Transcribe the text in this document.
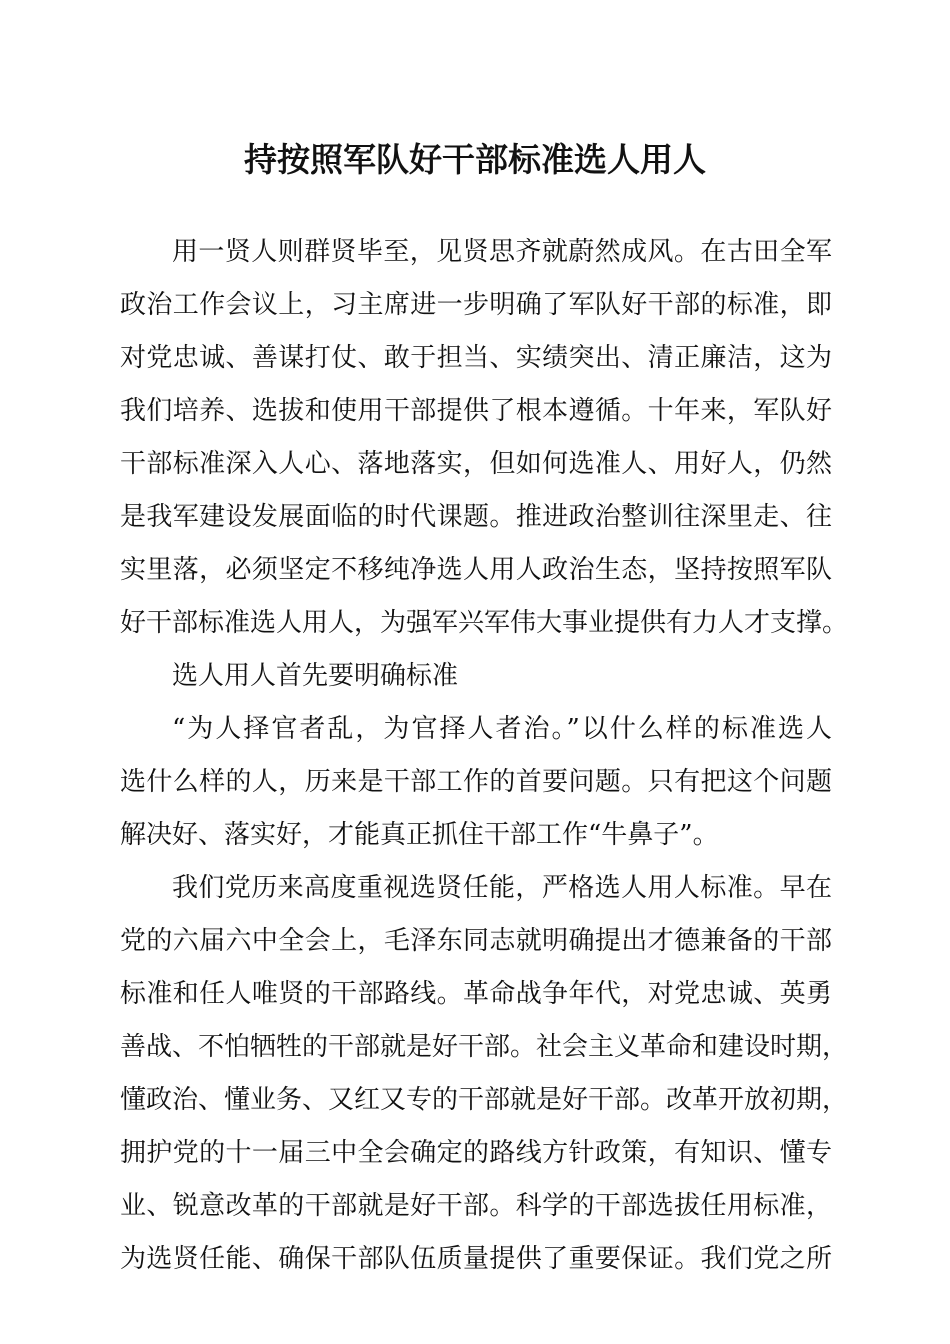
持按照军队好干部标准选人用人
用一贤人则群贤毕至，见贤思齐就蔚然成风。在古田全军
政治工作会议上，习主席进一步明确了军队好干部的标准，即
对党忠诚、善谋打仗、敢于担当、实绩突出、清正廉洁，这为
我们培养、选拔和使用干部提供了根本遵循。十年来，军队好
干部标准深入人心、落地落实，但如何选准人、用好人，仍然
是我军建设发展面临的时代课题。推进政治整训往深里走、往
实里落，必须坚定不移纯净选人用人政治生态，坚持按照军队
好干部标准选人用人，为强军兴军伟大事业提供有力人才支撑。
选人用人首先要明确标准
“为人择官者乱，为官择人者治。”以什么样的标准选人
选什么样的人，历来是干部工作的首要问题。只有把这个问题
解决好、落实好，才能真正抓住干部工作“牛鼻子”。
我们党历来高度重视选贤任能，严格选人用人标准。早在
党的六届六中全会上，毛泽东同志就明确提出才德兼备的干部
标准和任人唯贤的干部路线。革命战争年代，对党忠诚、英勇
善战、不怕牺牲的干部就是好干部。社会主义革命和建设时期，
懂政治、懂业务、又红又专的干部就是好干部。改革开放初期，
拥护党的十一届三中全会确定的路线方针政策，有知识、懂专
业、锐意改革的干部就是好干部。科学的干部选拔任用标准，
为选贤任能、确保干部队伍质量提供了重要保证。我们党之所
